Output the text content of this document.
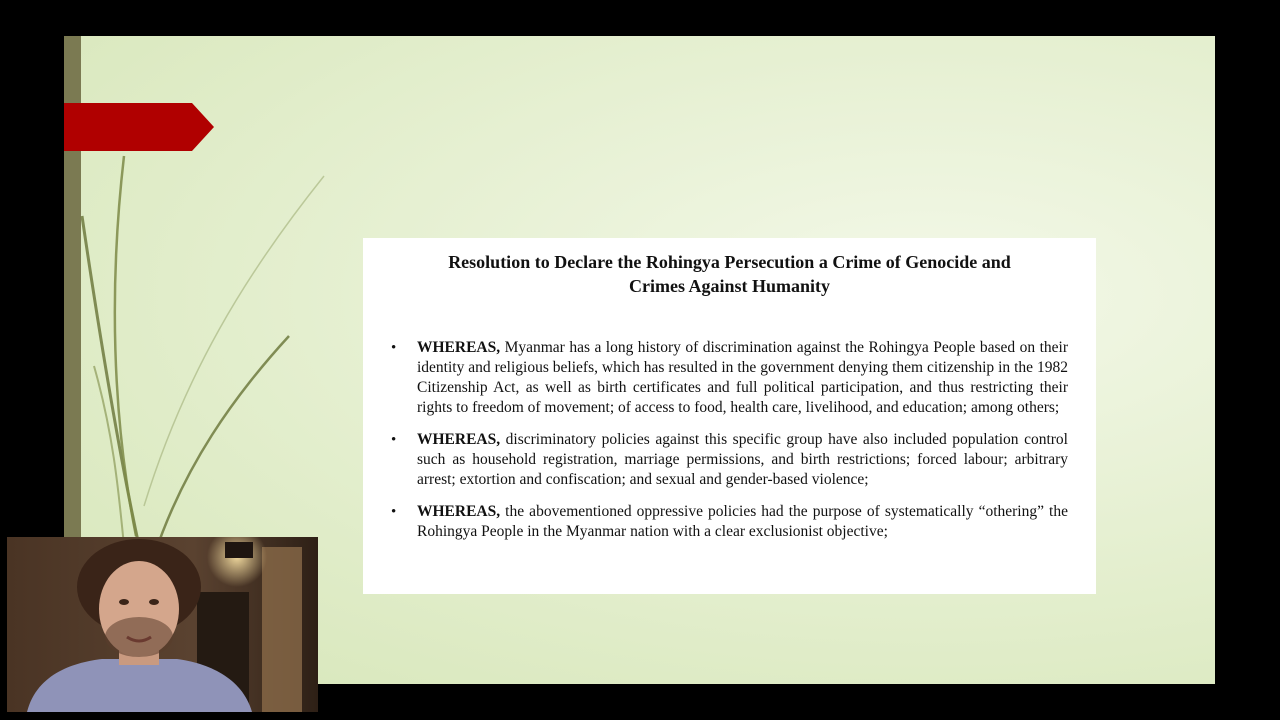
Resolution to Declare the Rohingya Persecution a Crime of Genocide and
Crimes Against Humanity
• WHEREAS, Myanmar has a long history of discrimination against the Rohingya People based on their identity and religious beliefs, which has resulted in the government denying them citizenship in the 1982 Citizenship Act, as well as birth certificates and full political participation, and thus restricting their rights to freedom of movement; of access to food, health care, livelihood, and education; among others;
• WHEREAS, discriminatory policies against this specific group have also included population control such as household registration, marriage permissions, and birth restrictions; forced labour; arbitrary arrest; extortion and confiscation; and sexual and gender-based violence;
• WHEREAS, the abovementioned oppressive policies had the purpose of systematically “othering” the Rohingya People in the Myanmar nation with a clear exclusionist objective;
